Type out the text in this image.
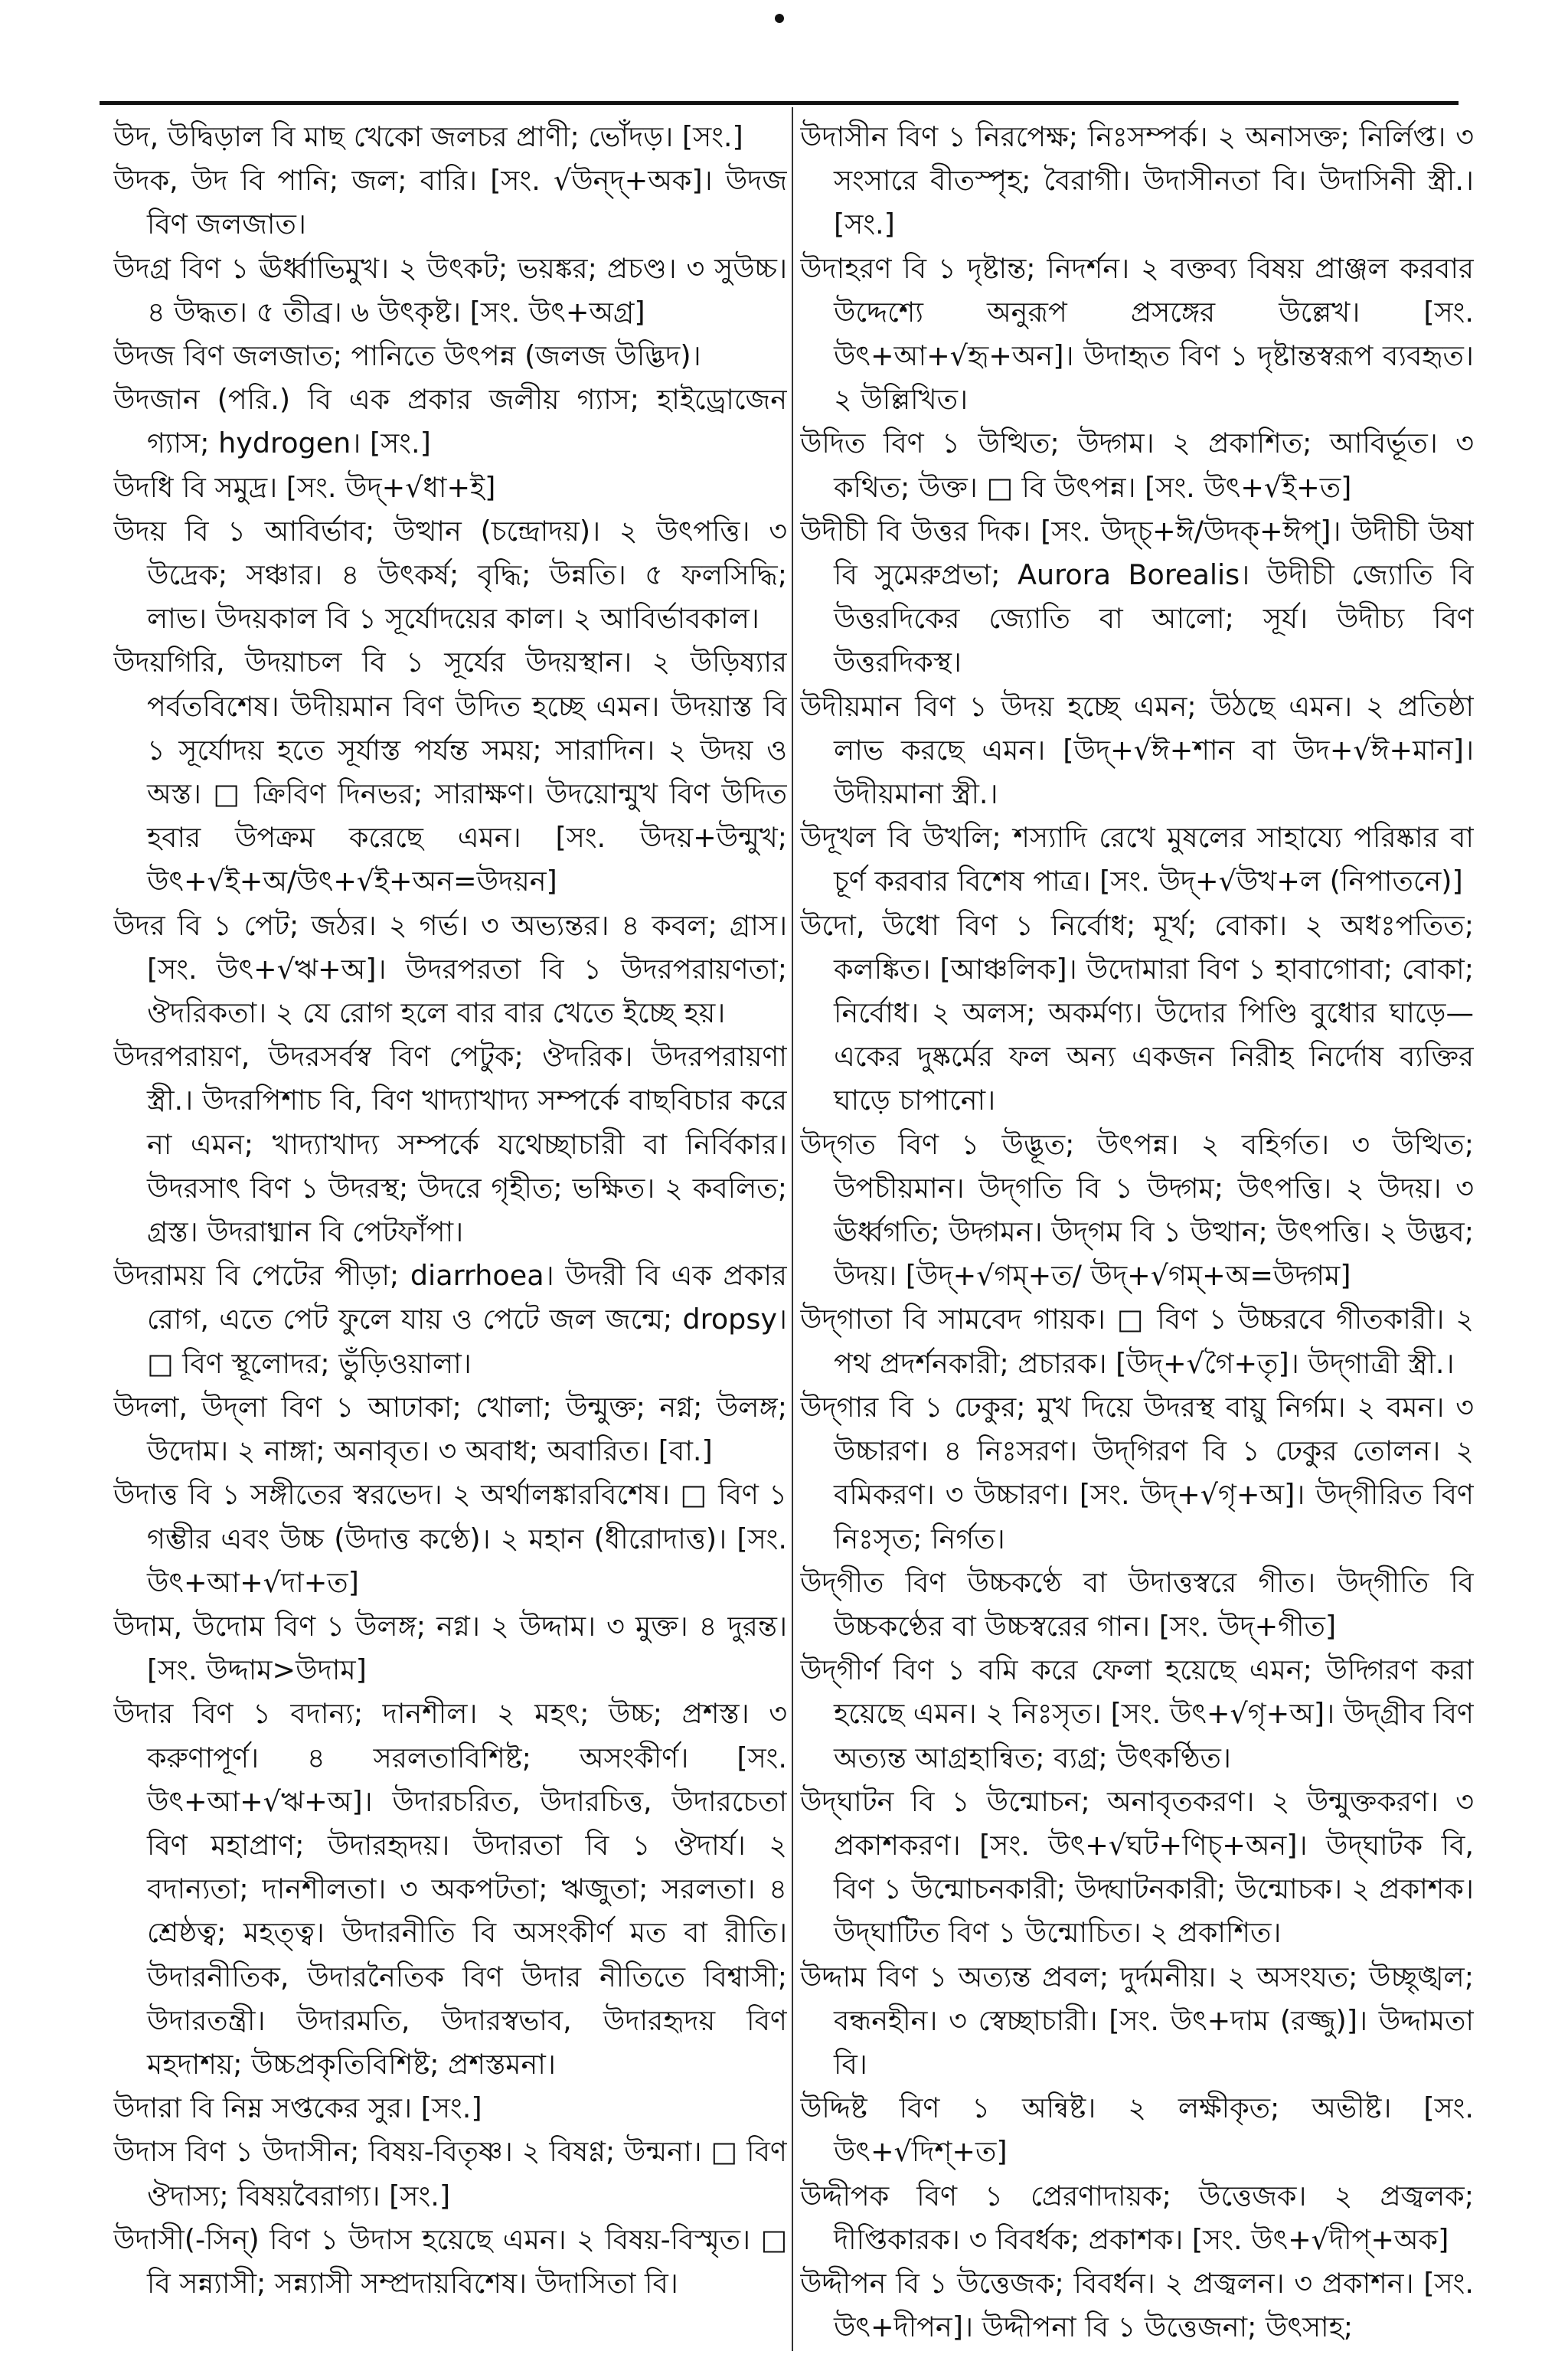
উদ, উদ্বিড়াল বি মাছ খেকো জলচর প্রাণী; ভোঁদড়। [সং.]

উদক, উদ বি পানি; জল; বারি। [সং. √উন্দ্+অক]। উদজ বিণ জলজাত।

উদগ্র বিণ ১ ঊর্ধ্বাভিমুখ। ২ উৎকট; ভয়ঙ্কর; প্রচণ্ড। ৩ সুউচ্চ। ৪ উদ্ধত। ৫ তীব্র। ৬ উৎকৃষ্ট। [সং. উৎ+অগ্র]

উদজ বিণ জলজাত; পানিতে উৎপন্ন (জলজ উদ্ভিদ)।

উদজান (পরি.) বি এক প্রকার জলীয় গ্যাস; হাইড্রোজেন গ্যাস; hydrogen। [সং.]

উদধি বি সমুদ্র। [সং. উদ্+√ধা+ই]

উদয় বি ১ আবির্ভাব; উত্থান (চন্দ্রোদয়)। ২ উৎপত্তি। ৩ উদ্রেক; সঞ্চার। ৪ উৎকর্ষ; বৃদ্ধি; উন্নতি। ৫ ফলসিদ্ধি; লাভ। উদয়কাল বি ১ সূর্যোদয়ের কাল। ২ আবির্ভাবকাল।

উদয়গিরি, উদয়াচল বি ১ সূর্যের উদয়স্থান। ২ উড়িষ্যার পর্বতবিশেষ। উদীয়মান বিণ উদিত হচ্ছে এমন। উদয়াস্ত বি ১ সূর্যোদয় হতে সূর্যাস্ত পর্যন্ত সময়; সারাদিন। ২ উদয় ও অস্ত। □ ক্রিবিণ দিনভর; সারাক্ষণ। উদয়োন্মুখ বিণ উদিত হবার উপক্রম করেছে এমন। [সং. উদয়+উন্মুখ; উৎ+√ই+অ/উৎ+√ই+অন=উদয়ন]

উদর বি ১ পেট; জঠর। ২ গর্ভ। ৩ অভ্যন্তর। ৪ কবল; গ্রাস। [সং. উৎ+√ঋ+অ]। উদরপরতা বি ১ উদরপরায়ণতা; ঔদরিকতা। ২ যে রোগ হলে বার বার খেতে ইচ্ছে হয়।

উদরপরায়ণ, উদরসর্বস্ব বিণ পেটুক; ঔদরিক। উদরপরায়ণা স্ত্রী.। উদরপিশাচ বি, বিণ খাদ্যাখাদ্য সম্পর্কে বাছবিচার করে না এমন; খাদ্যাখাদ্য সম্পর্কে যথেচ্ছাচারী বা নির্বিকার। উদরসাৎ বিণ ১ উদরস্থ; উদরে গৃহীত; ভক্ষিত। ২ কবলিত; গ্রস্ত। উদরাধ্মান বি পেটফাঁপা।

উদরাময় বি পেটের পীড়া; diarrhoea। উদরী বি এক প্রকার রোগ, এতে পেট ফুলে যায় ও পেটে জল জন্মে; dropsy। □ বিণ স্থূলোদর; ভুঁড়িওয়ালা।

উদলা, উদ্‌লা বিণ ১ আঢাকা; খোলা; উন্মুক্ত; নগ্ন; উলঙ্গ; উদোম। ২ নাঙ্গা; অনাবৃত। ৩ অবাধ; অবারিত। [বা.]

উদাত্ত বি ১ সঙ্গীতের স্বরভেদ। ২ অর্থালঙ্কারবিশেষ। □ বিণ ১ গম্ভীর এবং উচ্চ (উদাত্ত কণ্ঠে)। ২ মহান (ধীরোদাত্ত)। [সং. উৎ+আ+√দা+ত]

উদাম, উদোম বিণ ১ উলঙ্গ; নগ্ন। ২ উদ্দাম। ৩ মুক্ত। ৪ দুরন্ত। [সং. উদ্দাম>উদাম]

উদার বিণ ১ বদান্য; দানশীল। ২ মহৎ; উচ্চ; প্রশস্ত। ৩ করুণাপূর্ণ। ৪ সরলতাবিশিষ্ট; অসংকীর্ণ। [সং. উৎ+আ+√ঋ+অ]। উদারচরিত, উদারচিত্ত, উদারচেতা বিণ মহাপ্রাণ; উদারহৃদয়। উদারতা বি ১ ঔদার্য। ২ বদান্যতা; দানশীলতা। ৩ অকপটতা; ঋজুতা; সরলতা। ৪ শ্রেষ্ঠত্ব; মহত্ত্ব। উদারনীতি বি অসংকীর্ণ মত বা রীতি। উদারনীতিক, উদারনৈতিক বিণ উদার নীতিতে বিশ্বাসী; উদারতন্ত্রী। উদারমতি, উদারস্বভাব, উদারহৃদয় বিণ মহদাশয়; উচ্চপ্রকৃতিবিশিষ্ট; প্রশস্তমনা।

উদারা বি নিম্ন সপ্তকের সুর। [সং.]

উদাস বিণ ১ উদাসীন; বিষয়-বিতৃষ্ণ। ২ বিষণ্ণ; উন্মনা। □ বিণ ঔদাস্য; বিষয়বৈরাগ্য। [সং.]

উদাসী(-সিন্) বিণ ১ উদাস হয়েছে এমন। ২ বিষয়-বিস্মৃত। □ বি সন্ন্যাসী; সন্ন্যাসী সম্প্রদায়বিশেষ। উদাসিতা বি।

উদাসীন বিণ ১ নিরপেক্ষ; নিঃসম্পর্ক। ২ অনাসক্ত; নির্লিপ্ত। ৩ সংসারে বীতস্পৃহ; বৈরাগী। উদাসীনতা বি। উদাসিনী স্ত্রী.। [সং.]

উদাহরণ বি ১ দৃষ্টান্ত; নিদর্শন। ২ বক্তব্য বিষয় প্রাঞ্জল করবার উদ্দেশ্যে অনুরূপ প্রসঙ্গের উল্লেখ। [সং. উৎ+আ+√হৃ+অন]। উদাহৃত বিণ ১ দৃষ্টান্তস্বরূপ ব্যবহৃত। ২ উল্লিখিত।

উদিত বিণ ১ উত্থিত; উদ্গম। ২ প্রকাশিত; আবির্ভূত। ৩ কথিত; উক্ত। □ বি উৎপন্ন। [সং. উৎ+√ই+ত]

উদীচী বি উত্তর দিক। [সং. উদ্চ্+ঈ/উদক্+ঈপ্]। উদীচী উষা বি সুমেরুপ্রভা; Aurora Borealis। উদীচী জ্যোতি বি উত্তরদিকের জ্যোতি বা আলো; সূর্য। উদীচ্য বিণ উত্তরদিকস্থ।

উদীয়মান বিণ ১ উদয় হচ্ছে এমন; উঠছে এমন। ২ প্রতিষ্ঠা লাভ করছে এমন। [উদ্+√ঈ+শান বা উদ+√ঈ+মান]। উদীয়মানা স্ত্রী.।

উদূখল বি উখলি; শস্যাদি রেখে মুষলের সাহায্যে পরিষ্কার বা চূর্ণ করবার বিশেষ পাত্র। [সং. উদ্+√উখ+ল (নিপাতনে)]

উদো, উধো বিণ ১ নির্বোধ; মূর্খ; বোকা। ২ অধঃপতিত; কলঙ্কিত। [আঞ্চলিক]। উদোমারা বিণ ১ হাবাগোবা; বোকা; নির্বোধ। ২ অলস; অকর্মণ্য। উদোর পিণ্ডি বুধোর ঘাড়ে—একের দুষ্কর্মের ফল অন্য একজন নিরীহ নির্দোষ ব্যক্তির ঘাড়ে চাপানো।

উদ্‌গত বিণ ১ উদ্ভূত; উৎপন্ন। ২ বহির্গত। ৩ উত্থিত; উপচীয়মান। উদ্‌গতি বি ১ উদ্গম; উৎপত্তি। ২ উদয়। ৩ ঊর্ধ্বগতি; উদ্গমন। উদ্‌গম বি ১ উত্থান; উৎপত্তি। ২ উদ্ভব; উদয়। [উদ্+√গম্+ত/ উদ্+√গম্+অ=উদ্গম]

উদ্‌গাতা বি সামবেদ গায়ক। □ বিণ ১ উচ্চরবে গীতকারী। ২ পথ প্রদর্শনকারী; প্রচারক। [উদ্+√গৈ+তৃ]। উদ্‌গাত্রী স্ত্রী.।

উদ্‌গার বি ১ ঢেকুর; মুখ দিয়ে উদরস্থ বায়ু নির্গম। ২ বমন। ৩ উচ্চারণ। ৪ নিঃসরণ। উদ্‌গিরণ বি ১ ঢেকুর তোলন। ২ বমিকরণ। ৩ উচ্চারণ। [সং. উদ্+√গৃ+অ]। উদ্‌গীরিত বিণ নিঃসৃত; নির্গত।

উদ্‌গীত বিণ উচ্চকণ্ঠে বা উদাত্তস্বরে গীত। উদ্‌গীতি বি উচ্চকণ্ঠের বা উচ্চস্বরের গান। [সং. উদ্+গীত]

উদ্‌গীর্ণ বিণ ১ বমি করে ফেলা হয়েছে এমন; উদ্গিরণ করা হয়েছে এমন। ২ নিঃসৃত। [সং. উৎ+√গৃ+অ]। উদ্‌গ্রীব বিণ অত্যন্ত আগ্রহান্বিত; ব্যগ্র; উৎকণ্ঠিত।

উদ্‌ঘাটন বি ১ উন্মোচন; অনাবৃতকরণ। ২ উন্মুক্তকরণ। ৩ প্রকাশকরণ। [সং. উৎ+√ঘট+ণিচ্+অন]। উদ্‌ঘাটক বি, বিণ ১ উন্মোচনকারী; উদ্ঘাটনকারী; উন্মোচক। ২ প্রকাশক। উদ্‌ঘাটিত বিণ ১ উন্মোচিত। ২ প্রকাশিত।

উদ্দাম বিণ ১ অত্যন্ত প্রবল; দুর্দমনীয়। ২ অসংযত; উচ্ছৃঙ্খল; বন্ধনহীন। ৩ স্বেচ্ছাচারী। [সং. উৎ+দাম (রজ্জু)]। উদ্দামতা বি।

উদ্দিষ্ট বিণ ১ অন্বিষ্ট। ২ লক্ষীকৃত; অভীষ্ট। [সং. উৎ+√দিশ্+ত]

উদ্দীপক বিণ ১ প্রেরণাদায়ক; উত্তেজক। ২ প্রজ্বলক; দীপ্তিকারক। ৩ বিবর্ধক; প্রকাশক। [সং. উৎ+√দীপ্+অক]

উদ্দীপন বি ১ উত্তেজক; বিবর্ধন। ২ প্রজ্বলন। ৩ প্রকাশন। [সং. উৎ+দীপন]। উদ্দীপনা বি ১ উত্তেজনা; উৎসাহ;
